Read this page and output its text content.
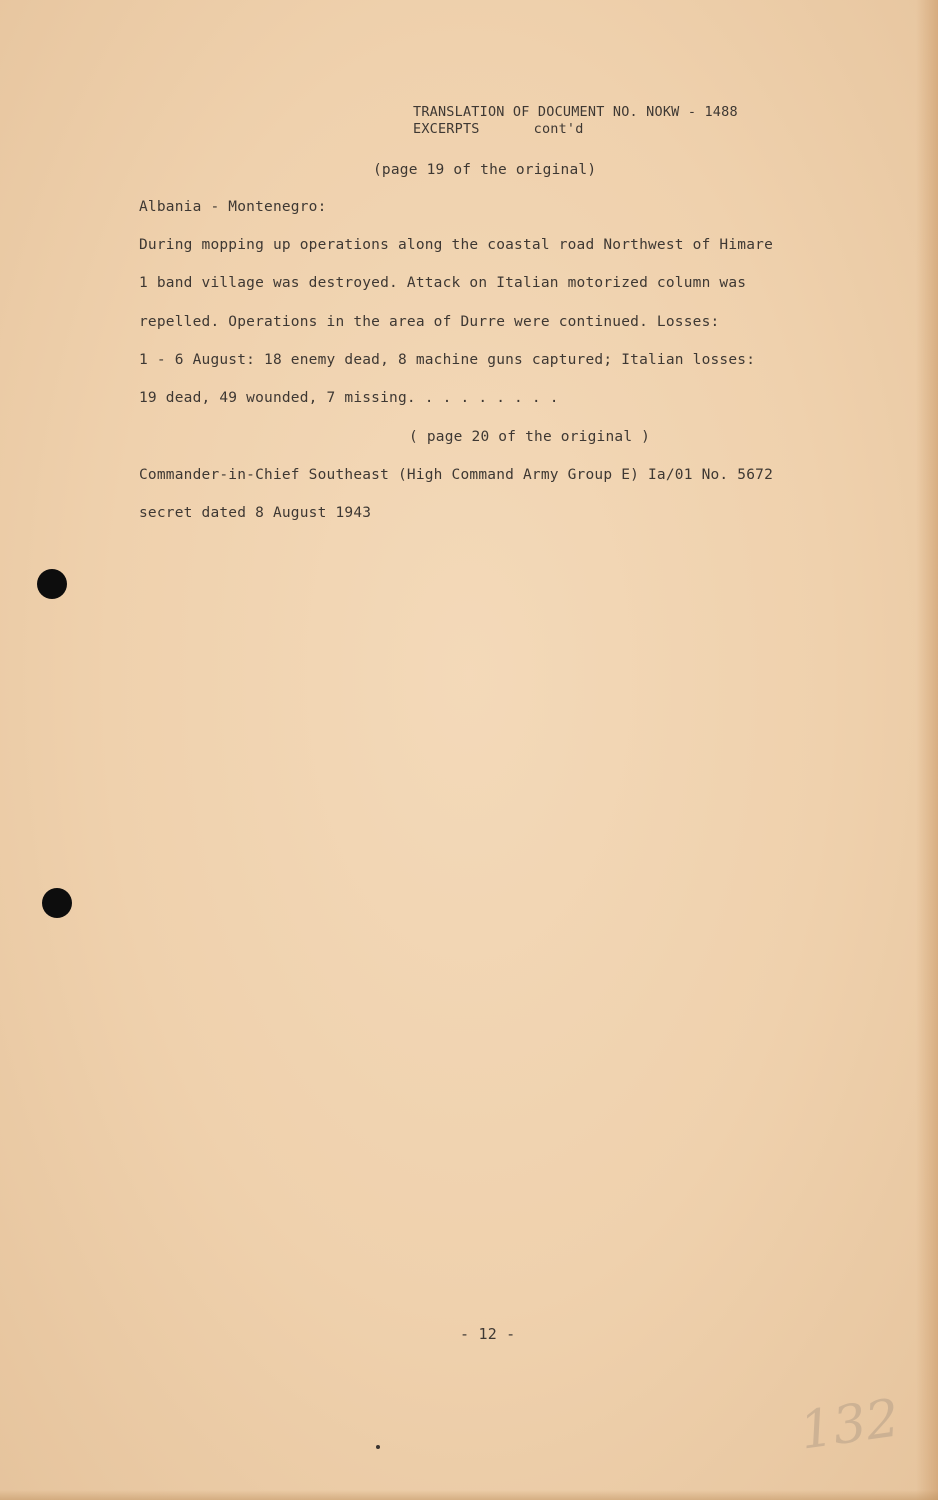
TRANSLATION OF DOCUMENT NO. NOKW - 1488
EXCERPTS	cont'd
(page 19 of the original)
Albania - Montenegro:
During mopping up operations along the coastal road Northwest of Himare
1 band village was destroyed. Attack on Italian motorized column was
repelled. Operations in the area of Durre were continued. Losses:
1 - 6 August: 18 enemy dead, 8 machine guns captured; Italian losses:
19 dead, 49 wounded, 7 missing. . . . . . . . .
( page 20 of the original )
Commander-in-Chief Southeast (High Command Army Group E) Ia/01 No. 5672
secret dated 8 August 1943
- 12 -
132
